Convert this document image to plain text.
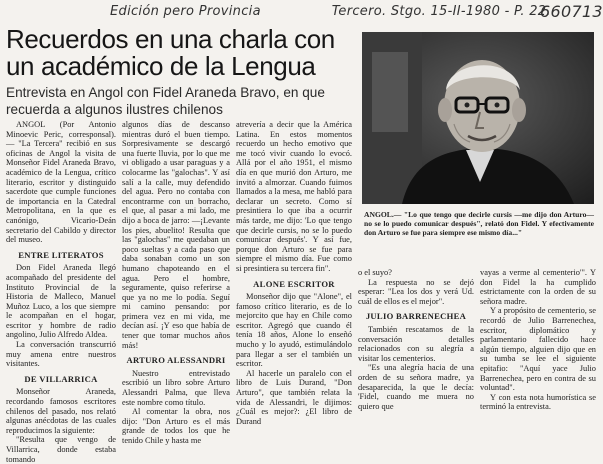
Edición pero Provincia	Tercero. Stgo. 15-II-1980 - P. 22.
660713
Recuerdos en una charla con un académico de la Lengua
Entrevista en Angol con Fidel Araneda Bravo, en que recuerda a algunos ilustres chilenos

ANGOL (Por Antonio Minoevic Peric, corresponsal). — "La Tercera" recibió en sus oficinas de Angol la visita de Monseñor Fidel Araneda Bravo, académico de la Lengua, crítico literario, escritor y distinguido sacerdote que cumple funciones de importancia en la Catedral Metropolitana, en la que es canónigo, Vicario-Deán secretario del Cabildo y director del museo.

ENTRE LITERATOS

Don Fidel Araneda llegó acompañado del presidente del Instituto Provincial de la Historia de Malleco, Manuel Muñoz Luco, a los que siempre le acompañan en el hogar, escritor y hombre de radio angolino, Julio Alfredo Aldea.

La conversación transcurrió muy amena entre nuestros visitantes.

DE VILLARRICA

Monseñor Araneda, recordando famosos escritores chilenos del pasado, nos relató algunas anécdotas de las cuales reproducimos la siguiente:

"Resulta que vengo de Villarrica, donde estaba tomando

algunos días de descanso mientras duró el buen tiempo. Sorpresivamente se descargó una fuerte lluvia, por lo que me vi obligado a usar paraguas y a colocarme las "galochas". Y así salí a la calle, muy defendido del agua. Pero no contaba con encontrarme con un borracho, el que, al pasar a mi lado, me dijo a boca de jarro: —¡Levante los pies, abuelito! Resulta que las "galochas" me quedaban un poco sueltas y a cada paso que daba sonaban como un son humano chapoteando en el agua. Pero el hombre, seguramente, quiso referirse a que ya no me lo podía. Seguí mi camino pensando: por primera vez en mi vida, me decían así. ¡Y eso que había de tener que tomar muchos años más!

ARTURO ALESSANDRI

Nuestro entrevistado escribió un libro sobre Arturo Alessandri Palma, que lleva este nombre como título.

Al comentar la obra, nos dijo: "Don Arturo es el más grande de todos los que he tenido Chile y hasta me

atrevería a decir que la América Latina. En estos momentos recuerdo un hecho emotivo que me tocó vivir cuando lo evocó. Allá por el año 1951, el mismo día en que murió don Arturo, me invitó a almorzar. Cuando fuimos llamados a la mesa, me habló para declarar un secreto. Como sí presintiera lo que iba a ocurrir más tarde, me dijo: 'Lo que tengo que decirle cursis, no se lo puedo comunicar después'. Y así fue, porque don Arturo se fue para siempre el mismo día. Fue como si presintiera su tercera fin".

ALONE ESCRITOR

Monseñor dijo que "Alone", el famoso crítico literario, es de lo mejorcito que hay en Chile como escritor. Agregó que cuando él tenía 18 años, Alone lo enseñó mucho y lo ayudó, estimulándolo para llegar a ser el también un escritor.

Al hacerle un paralelo con el libro de Luis Durand, "Don Arturo", que también relata la vida de Alessandri, le dijimos: ¿Cuál es mejor?: ¿El libro de Durand

ANGOL.— "Lo que tengo que decirle cursis —me dijo don Arturo— no se lo puedo comunicar después", relató don Fidel. Y efectivamente don Arturo se fue para siempre ese mismo día..."

o el suyo?

La respuesta no se dejó esperar: "Lea los dos y verá Ud. cuál de ellos es el mejor".

JULIO BARRENECHEA

También rescatamos de la conversación detalles relacionados con su alegría a visitar los cementerios.

"Es una alegría hacia de una orden de su señora madre, ya desaparecida, la que le decía: 'Fidel, cuando me muera no quiero que

vayas a verme al cementerio'". Y don Fidel la ha cumplido estrictamente con la orden de su señora madre.

Y a propósito de cementerio, se recordó de Julio Barrenechea, escritor, diplomático y parlamentario fallecido hace algún tiempo, alguien dijo que en su tumba se lee el siguiente epitafio: "Aquí yace Julio Barrenechea, pero en contra de su voluntad".

Y con esta nota humorística se terminó la entrevista.
